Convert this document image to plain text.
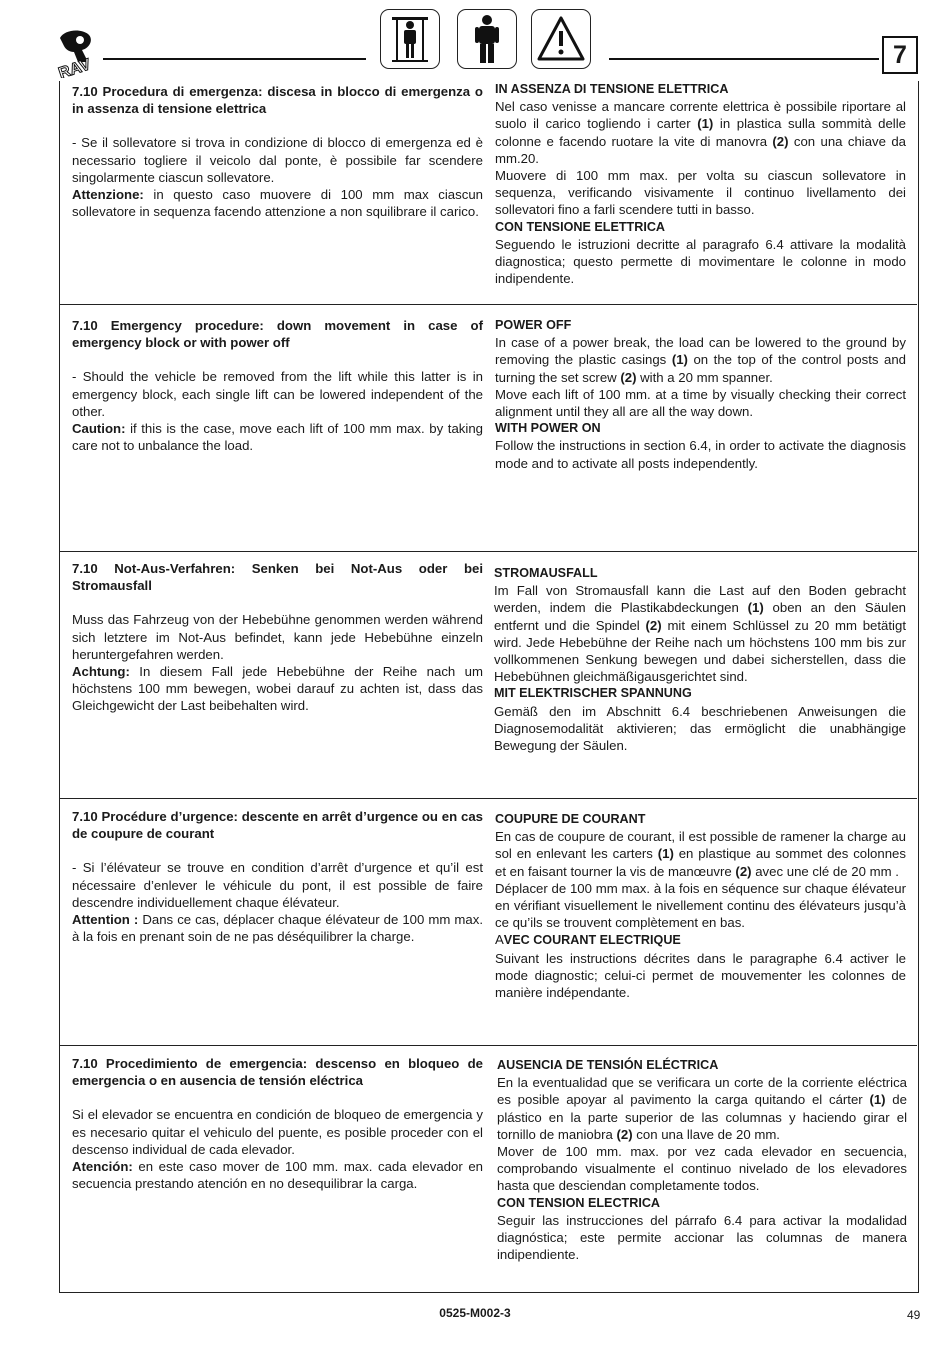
RAV
7

7.10 Procedura di emergenza: discesa in blocco di emergenza o in assenza di tensione elettrica

- Se il sollevatore si trova in condizione di blocco di emergenza ed è necessario togliere il veicolo dal ponte, è possibile far scendere singolarmente ciascun sollevatore.

Attenzione: in questo caso muovere di 100 mm max ciascun sollevatore in sequenza facendo attenzione a non squilibrare il carico.

IN ASSENZA DI TENSIONE ELETTRICA

Nel caso venisse a mancare corrente elettrica è possibile riportare al suolo il carico togliendo i carter (1) in plastica sulla sommità delle colonne e facendo ruotare la vite di manovra (2) con una chiave da mm.20.

Muovere di 100 mm max. per volta su ciascun sollevatore in sequenza, verificando visivamente il continuo livellamento dei sollevatori fino a farli scendere tutti in basso.

CON TENSIONE ELETTRICA

Seguendo le istruzioni decritte al paragrafo 6.4 attivare la modalità diagnostica; questo permette di movimentare le colonne in modo indipendente.

7.10 Emergency procedure: down movement in case of emergency block or with power off

- Should the vehicle be removed from the lift while this latter is in emergency block, each single lift can be lowered independent of the other.

Caution: if this is the case, move each lift of 100 mm max. by taking care not to unbalance the load.

POWER OFF

In case of a power break, the load can be lowered to the ground by removing the plastic casings (1) on the top of the control posts and turning the set screw (2) with a 20 mm spanner.

Move each lift of 100 mm. at a time by visually checking their correct alignment until they all are all the way down.

WITH POWER ON

Follow the instructions in section 6.4, in order to activate the diagnosis mode and to activate all posts independently.

7.10 Not-Aus-Verfahren: Senken bei Not-Aus oder bei Stromausfall

Muss das Fahrzeug von der Hebebühne genommen werden während sich letztere im Not-Aus befindet, kann jede Hebebühne einzeln heruntergefahren werden.

Achtung: In diesem Fall jede Hebebühne der Reihe nach um höchstens 100 mm bewegen, wobei darauf zu achten ist, dass das Gleichgewicht der Last beibehalten wird.

STROMAUSFALL

Im Fall von Stromausfall kann die Last auf den Boden gebracht werden, indem die Plastikabdeckungen (1) oben an den Säulen entfernt und die Spindel (2) mit einem Schlüssel zu 20 mm betätigt wird. Jede Hebebühne der Reihe nach um höchstens 100 mm bis zur vollkommenen Senkung bewegen und dabei sicherstellen, dass die Hebebühnen gleichmäßigausgerichtet sind.

MIT ELEKTRISCHER SPANNUNG

Gemäß den im Abschnitt 6.4 beschriebenen Anweisungen die Diagnosemodalität aktivieren; das ermöglicht die unabhängige Bewegung der Säulen.

7.10 Procédure d’urgence: descente en arrêt d’urgence ou en cas de coupure de courant

- Si l’élévateur se trouve en condition d’arrêt d’urgence et qu’il est nécessaire d’enlever le véhicule du pont, il est possible de faire descendre individuellement chaque élévateur.

Attention : Dans ce cas, déplacer chaque élévateur de 100 mm max. à la fois en prenant soin de ne pas déséquilibrer la charge.

COUPURE DE COURANT

En cas de coupure de courant, il est possible de ramener la charge au sol en enlevant les carters (1) en plastique au sommet des colonnes et en faisant tourner la vis de manœuvre (2) avec une clé de 20 mm .

Déplacer de 100 mm max. à la fois en séquence sur chaque élévateur en vérifiant visuellement le nivellement continu des élévateurs jusqu’à ce qu’ils se trouvent complètement en bas.

AVEC COURANT ELECTRIQUE

Suivant les instructions décrites dans le paragraphe 6.4 activer le mode diagnostic; celui-ci permet de mouvementer les colonnes de manière indépendante.

7.10 Procedimiento de emergencia: descenso en bloqueo de emergencia o en ausencia de tensión eléctrica

Si el elevador se encuentra en condición de bloqueo de emergencia y es necesario quitar el vehiculo del puente, es posible proceder con el descenso individual de cada elevador.

Atención: en este caso mover de 100 mm. max. cada elevador en secuencia prestando atención en no desequilibrar la carga.

AUSENCIA DE TENSIÓN ELÉCTRICA

En la eventualidad que se verificara un corte de la corriente eléctrica es posible apoyar al pavimento la carga quitando el cárter (1) de plástico en la parte superior de las columnas y haciendo girar el tornillo de maniobra (2) con una llave de 20 mm.

Mover de 100 mm. max. por vez cada elevador en secuencia, comprobando visualmente el continuo nivelado de los elevadores hasta que desciendan completamente todos.

CON TENSION ELECTRICA

Seguir las instrucciones del párrafo 6.4 para activar la modalidad diagnóstica; este permite accionar las columnas de manera indipendiente.

0525-M002-3	49
